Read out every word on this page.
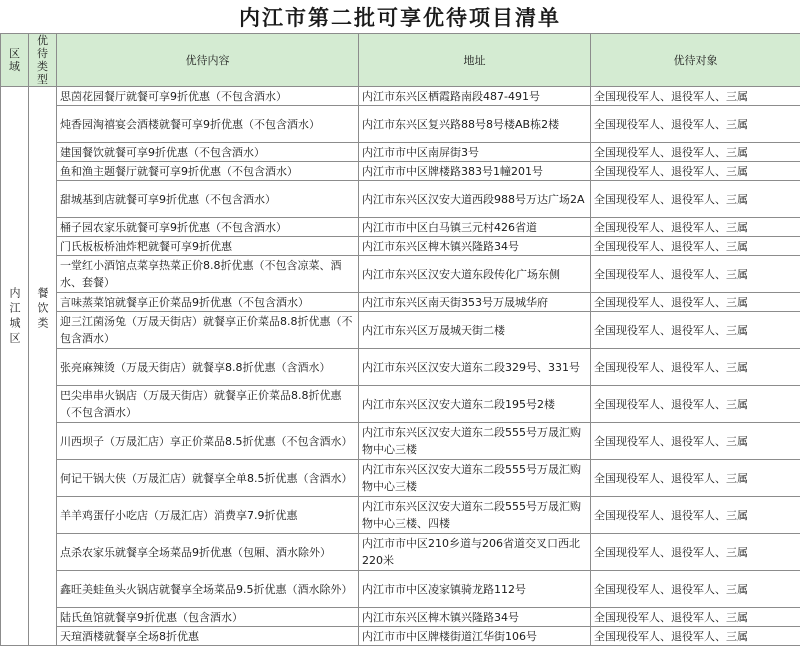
内江市第二批可享优待项目清单
区域	优待类型	优待内容	地址	优待对象
内江城区	餐饮类	思茵花园餐厅就餐可享9折优惠（不包含酒水）	内江市东兴区栖霞路南段487-491号	全国现役军人、退役军人、三属
		炖香园淘禧宴会酒楼就餐可享9折优惠（不包含酒水）	内江市东兴区复兴路88号8号楼AB栋2楼	全国现役军人、退役军人、三属
		建国餐饮就餐可享9折优惠（不包含酒水）	内江市市中区南屏街3号	全国现役军人、退役军人、三属
		鱼和渔主题餐厅就餐可享9折优惠（不包含酒水）	内江市市中区牌楼路383号1幢201号	全国现役军人、退役军人、三属
		甜城基到店就餐可享9折优惠（不包含酒水）	内江市东兴区汉安大道西段988号万达广场2A	全国现役军人、退役军人、三属
		桶子园农家乐就餐可享9折优惠（不包含酒水）	内江市市中区白马镇三元村426省道	全国现役军人、退役军人、三属
		门氏板板桥油炸粑就餐可享9折优惠	内江市东兴区椑木镇兴隆路34号	全国现役军人、退役军人、三属
		一堂红小酒馆点菜享热菜正价8.8折优惠（不包含凉菜、酒水、套餐）	内江市东兴区汉安大道东段传化广场东侧	全国现役军人、退役军人、三属
		言味蒸菜馆就餐享正价菜品9折优惠（不包含酒水）	内江市东兴区南天街353号万晟城华府	全国现役军人、退役军人、三属
		迎三江菌汤兔（万晟天街店）就餐享正价菜品8.8折优惠（不包含酒水）	内江市东兴区万晟城天街二楼	全国现役军人、退役军人、三属
		张亮麻辣烫（万晟天街店）就餐享8.8折优惠（含酒水）	内江市东兴区汉安大道东二段329号、331号	全国现役军人、退役军人、三属
		巴尖串串火锅店（万晟天街店）就餐享正价菜品8.8折优惠（不包含酒水）	内江市东兴区汉安大道东二段195号2楼	全国现役军人、退役军人、三属
		川西坝子（万晟汇店）享正价菜品8.5折优惠（不包含酒水）	内江市东兴区汉安大道东二段555号万晟汇购物中心三楼	全国现役军人、退役军人、三属
		何记干锅大侠（万晟汇店）就餐享全单8.5折优惠（含酒水）	内江市东兴区汉安大道东二段555号万晟汇购物中心三楼	全国现役军人、退役军人、三属
		羊羊鸡蛋仔小吃店（万晟汇店）消费享7.9折优惠	内江市东兴区汉安大道东二段555号万晟汇购物中心三楼、四楼	全国现役军人、退役军人、三属
		点杀农家乐就餐享全场菜品9折优惠（包厢、酒水除外）	内江市市中区210乡道与206省道交叉口西北220米	全国现役军人、退役军人、三属
		鑫旺美蛙鱼头火锅店就餐享全场菜品9.5折优惠（酒水除外）	内江市市中区凌家镇骑龙路112号	全国现役军人、退役军人、三属
		陆氏鱼馆就餐享9折优惠（包含酒水）	内江市东兴区椑木镇兴隆路34号	全国现役军人、退役军人、三属
		天瑄酒楼就餐享全场8折优惠	内江市市中区牌楼街道江华街106号	全国现役军人、退役军人、三属
